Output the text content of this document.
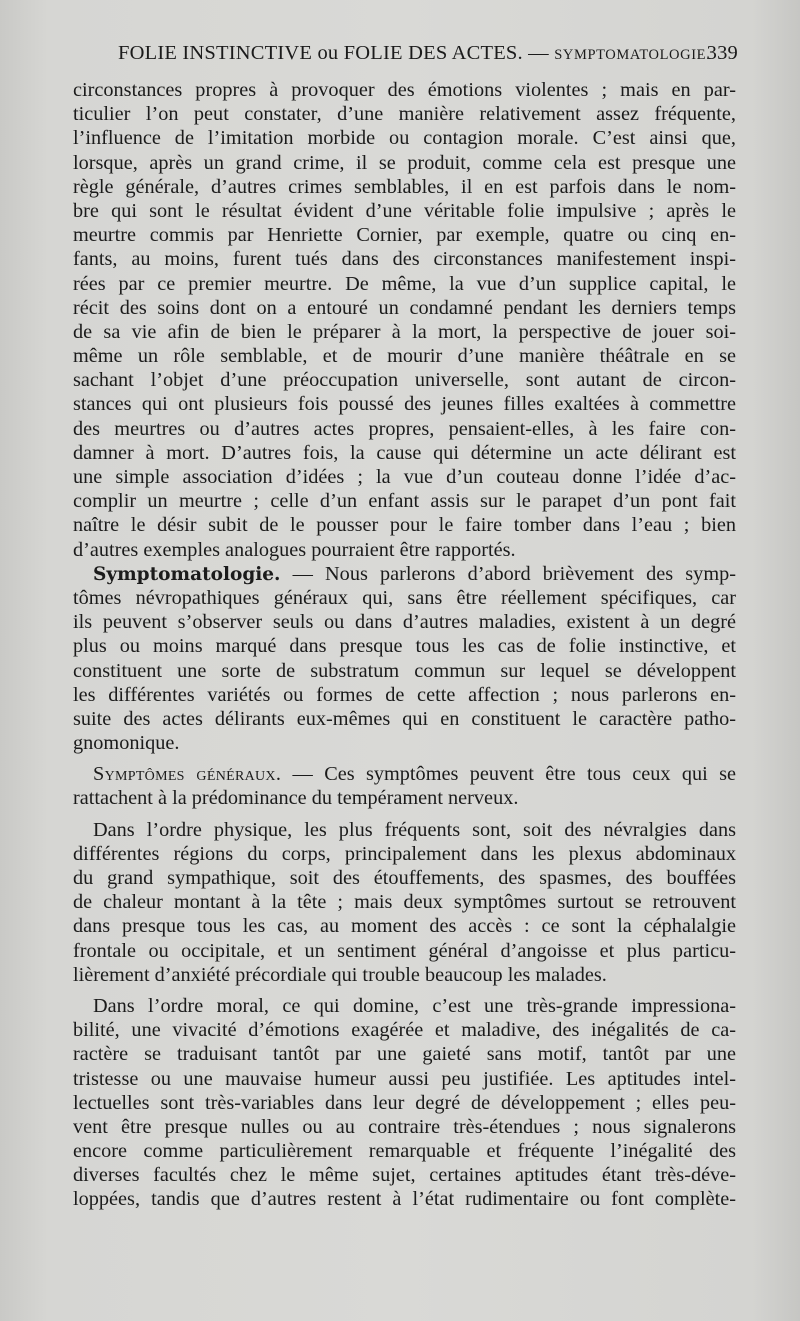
FOLIE INSTINCTIVE ou FOLIE DES ACTES. — SYMPTOMATOLOGIE.
339
circonstances propres à provoquer des émotions violentes ; mais en par-
ticulier l’on peut constater, d’une manière relativement assez fréquente,
l’influence de l’imitation morbide ou contagion morale. C’est ainsi que,
lorsque, après un grand crime, il se produit, comme cela est presque une
règle générale, d’autres crimes semblables, il en est parfois dans le nom-
bre qui sont le résultat évident d’une véritable folie impulsive ; après le
meurtre commis par Henriette Cornier, par exemple, quatre ou cinq en-
fants, au moins, furent tués dans des circonstances manifestement inspi-
rées par ce premier meurtre. De même, la vue d’un supplice capital, le
récit des soins dont on a entouré un condamné pendant les derniers temps
de sa vie afin de bien le préparer à la mort, la perspective de jouer soi-
même un rôle semblable, et de mourir d’une manière théâtrale en se
sachant l’objet d’une préoccupation universelle, sont autant de circon-
stances qui ont plusieurs fois poussé des jeunes filles exaltées à commettre
des meurtres ou d’autres actes propres, pensaient-elles, à les faire con-
damner à mort. D’autres fois, la cause qui détermine un acte délirant est
une simple association d’idées ; la vue d’un couteau donne l’idée d’ac-
complir un meurtre ; celle d’un enfant assis sur le parapet d’un pont fait
naître le désir subit de le pousser pour le faire tomber dans l’eau ; bien
d’autres exemples analogues pourraient être rapportés.
Symptomatologie. — Nous parlerons d’abord brièvement des symp-
tômes névropathiques généraux qui, sans être réellement spécifiques, car
ils peuvent s’observer seuls ou dans d’autres maladies, existent à un degré
plus ou moins marqué dans presque tous les cas de folie instinctive, et
constituent une sorte de substratum commun sur lequel se développent
les différentes variétés ou formes de cette affection ; nous parlerons en-
suite des actes délirants eux-mêmes qui en constituent le caractère patho-
gnomonique.
Symptômes généraux. — Ces symptômes peuvent être tous ceux qui se
rattachent à la prédominance du tempérament nerveux.
Dans l’ordre physique, les plus fréquents sont, soit des névralgies dans
différentes régions du corps, principalement dans les plexus abdominaux
du grand sympathique, soit des étouffements, des spasmes, des bouffées
de chaleur montant à la tête ; mais deux symptômes surtout se retrouvent
dans presque tous les cas, au moment des accès : ce sont la céphalalgie
frontale ou occipitale, et un sentiment général d’angoisse et plus particu-
lièrement d’anxiété précordiale qui trouble beaucoup les malades.
Dans l’ordre moral, ce qui domine, c’est une très-grande impressiona-
bilité, une vivacité d’émotions exagérée et maladive, des inégalités de ca-
ractère se traduisant tantôt par une gaieté sans motif, tantôt par une
tristesse ou une mauvaise humeur aussi peu justifiée. Les aptitudes intel-
lectuelles sont très-variables dans leur degré de développement ; elles peu-
vent être presque nulles ou au contraire très-étendues ; nous signalerons
encore comme particulièrement remarquable et fréquente l’inégalité des
diverses facultés chez le même sujet, certaines aptitudes étant très-déve-
loppées, tandis que d’autres restent à l’état rudimentaire ou font complète-
